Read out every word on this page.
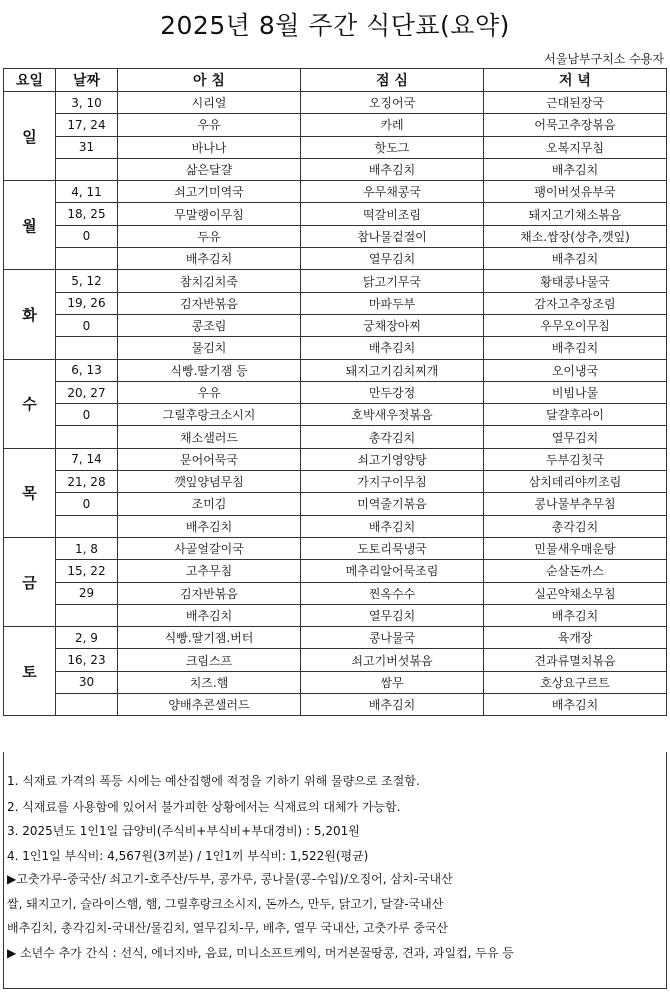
2025년 8월 주간 식단표(요약)
서울남부구치소 수용자
요일	날짜	아 침	점 심	저 녁
일	3, 10	시리얼	오징어국	근대된장국
	17, 24	우유	카레	어묵고추장볶음
	31	바나나	핫도그	오복지무침
		삶은달걀	배추김치	배추김치
월	4, 11	쇠고기미역국	우무채콩국	팽이버섯유부국
	18, 25	무말랭이무침	떡갈비조림	돼지고기채소볶음
	0	두유	참나물겉절이	채소.쌈장(상추,깻잎)
		배추김치	열무김치	배추김치
화	5, 12	참치김치죽	닭고기무국	황태콩나물국
	19, 26	김자반볶음	마파두부	감자고추장조림
	0	콩조림	궁채장아찌	우무오이무침
		물김치	배추김치	배추김치
수	6, 13	식빵.딸기잼 등	돼지고기김치찌개	오이냉국
	20, 27	우유	만두강정	비빔나물
	0	그릴후랑크소시지	호박새우젓볶음	달걀후라이
		채소샐러드	총각김치	열무김치
목	7, 14	문어어묵국	쇠고기영양탕	두부김칫국
	21, 28	깻잎양념무침	가지구이무침	삼치데리야끼조림
	0	조미김	미역줄기볶음	콩나물부추무침
		배추김치	배추김치	총각김치
금	1, 8	사골얼갈이국	도토리묵냉국	민물새우매운탕
	15, 22	고추무침	메추리알어묵조림	순살돈까스
	29	김자반볶음	찐옥수수	실곤약채소무침
		배추김치	열무김치	배추김치
토	2, 9	식빵.딸기잼.버터	콩나물국	육개장
	16, 23	크림스프	쇠고기버섯볶음	견과류멸치볶음
	30	치즈.햄	쌈무	호상요구르트
		양배추콘샐러드	배추김치	배추김치

1. 식재료 가격의 폭등 시에는 예산집행에 적정을 기하기 위해 물량으로 조절함.

2. 식재료를 사용함에 있어서 불가피한 상황에서는 식재료의 대체가 가능함.

3. 2025년도 1인1일 급양비(주식비+부식비+부대경비) : 5,201원

4. 1인1일 부식비: 4,567원(3끼분) / 1인1끼 부식비: 1,522원(평균)

▶고춧가루-중국산/ 쇠고기-호주산/두부, 콩가루, 콩나물(콩-수입)/오징어, 삼치-국내산

쌀, 돼지고기, 슬라이스햄, 햄, 그릴후랑크소시지, 돈까스, 만두, 닭고기, 달걀-국내산

배추김치, 총각김치-국내산/물김치, 열무김치-무, 배추, 열무 국내산, 고춧가루 중국산

▶ 소년수 추가 간식 : 선식, 에너지바, 음료, 미니소프트케익, 머거본꿀땅콩, 견과, 과일컵, 두유 등
